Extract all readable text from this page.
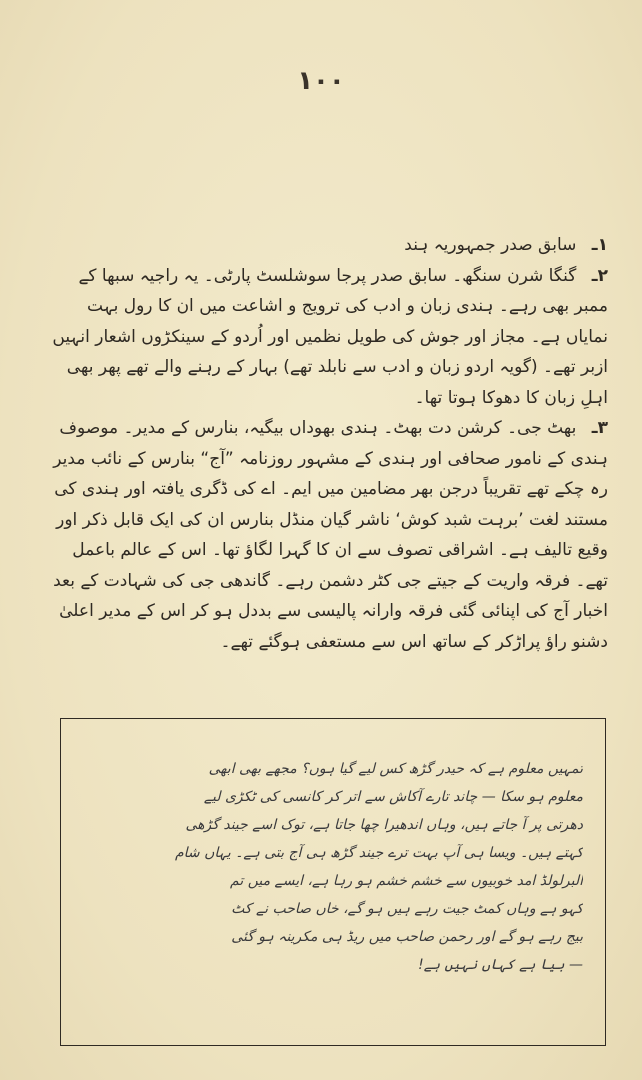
۱۰۰

۱ـ سابق صدر جمہوریہ ہند

۲ـ گنگا شرن سنگھ۔ سابق صدر پرجا سوشلسٹ پارٹی۔ یہ راجیہ سبھا کے ممبر بھی رہے۔ ہندی زبان و ادب کی ترویج و اشاعت میں ان کا رول بہت نمایاں ہے۔ مجاز اور جوش کی طویل نظمیں اور اُردو کے سینکڑوں اشعار انہیں ازبر تھے۔ (گویہ اردو زبان و ادب سے نابلد تھے) بہار کے رہنے والے تھے پھر بھی اہلِ زبان کا دھوکا ہوتا تھا۔

۳ـ بھٹ جی۔ کرشن دت بھٹ۔ ہندی بھوداں بیگیہ، بنارس کے مدیر۔ موصوف ہندی کے نامور صحافی اور ہندی کے مشہور روزنامہ ”آج“ بنارس کے نائب مدیر رہ چکے تھے تقریباً درجن بھر مضامین میں ایم۔ اے کی ڈگری یافتہ اور ہندی کی مستند لغت ’برہت شبد کوش‘ ناشر گیان منڈل بنارس ان کی ایک قابل ذکر اور وقیع تالیف ہے۔ اشراقی تصوف سے ان کا گہرا لگاؤ تھا۔ اس کے عالم باعمل تھے۔ فرقہ واریت کے جیتے جی کٹر دشمن رہے۔ گاندھی جی کی شہادت کے بعد اخبار آج کی اپنائی گئی فرقہ وارانہ پالیسی سے بددل ہو کر اس کے مدیر اعلیٰ دشنو راؤ پراڑکر کے ساتھ اس سے مستعفی ہوگئے تھے۔

تمہیں معلوم ہے کہ حیدر گڑھ کس لیے گیا ہوں؟ مجھے بھی ابھی
معلوم ہو سکا — چاند تارے آکاش سے اتر کر کانسی کی ٹکڑی لیے
دھرتی پر آ جاتے ہیں، وہاں اندھیرا چھا جاتا ہے، توک اسے جیند گڑھی
کہتے ہیں۔ ویسا ہی آپ بہت ترے جیند گڑھ ہی آج بتی ہے۔ یہاں شام
البرلولڈ امد خوبیوں سے خشم خشم ہو رہا ہے، ایسے میں تم
کہو ہے وہاں کمٹ جیت رہے ہیں ہو گے، خاں صاحب نے کٹ
بیج رہے ہو گے اور رحمن صاحب میں ریڈ ہی مکرینہ ہو گئی
— بیا ہے کہاں نہیں ہے!
